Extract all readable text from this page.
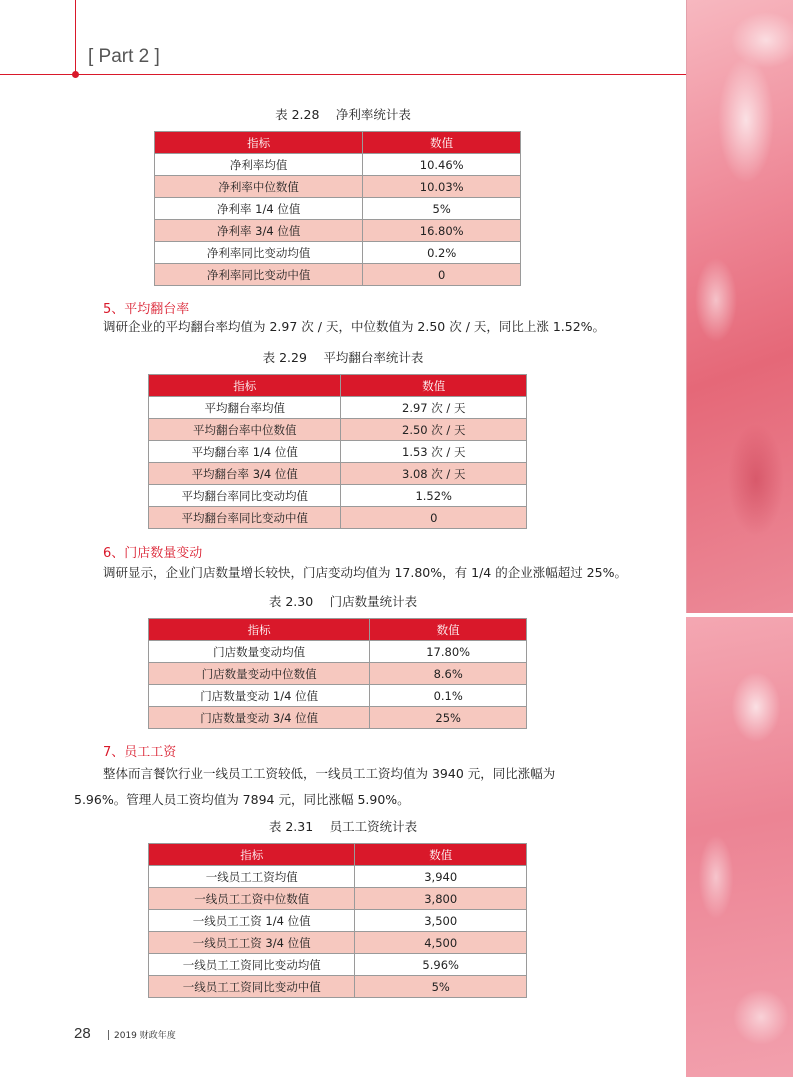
[ Part 2 ]
表 2.28　 净利率统计表
指标	数值
净利率均值	10.46%
净利率中位数值	10.03%
净利率 1/4 位值	5%
净利率 3/4 位值	16.80%
净利率同比变动均值	0.2%
净利率同比变动中值	0
5、平均翻台率
调研企业的平均翻台率均值为 2.97 次 / 天，中位数值为 2.50 次 / 天，同比上涨 1.52%。
表 2.29　 平均翻台率统计表
指标	数值
平均翻台率均值	2.97 次 / 天
平均翻台率中位数值	2.50 次 / 天
平均翻台率 1/4 位值	1.53 次 / 天
平均翻台率 3/4 位值	3.08 次 / 天
平均翻台率同比变动均值	1.52%
平均翻台率同比变动中值	0
6、门店数量变动
调研显示，企业门店数量增长较快，门店变动均值为 17.80%，有 1/4 的企业涨幅超过 25%。
表 2.30　 门店数量统计表
指标	数值
门店数量变动均值	17.80%
门店数量变动中位数值	8.6%
门店数量变动 1/4 位值	0.1%
门店数量变动 3/4 位值	25%
7、员工工资
整体而言餐饮行业一线员工工资较低，一线员工工资均值为 3940 元，同比涨幅为
5.96%。管理人员工资均值为 7894 元，同比涨幅 5.90%。
表 2.31　 员工工资统计表
指标	数值
一线员工工资均值	3,940
一线员工工资中位数值	3,800
一线员工工资 1/4 位值	3,500
一线员工工资 3/4 位值	4,500
一线员工工资同比变动均值	5.96%
一线员工工资同比变动中值	5%
28	2019 财政年度
